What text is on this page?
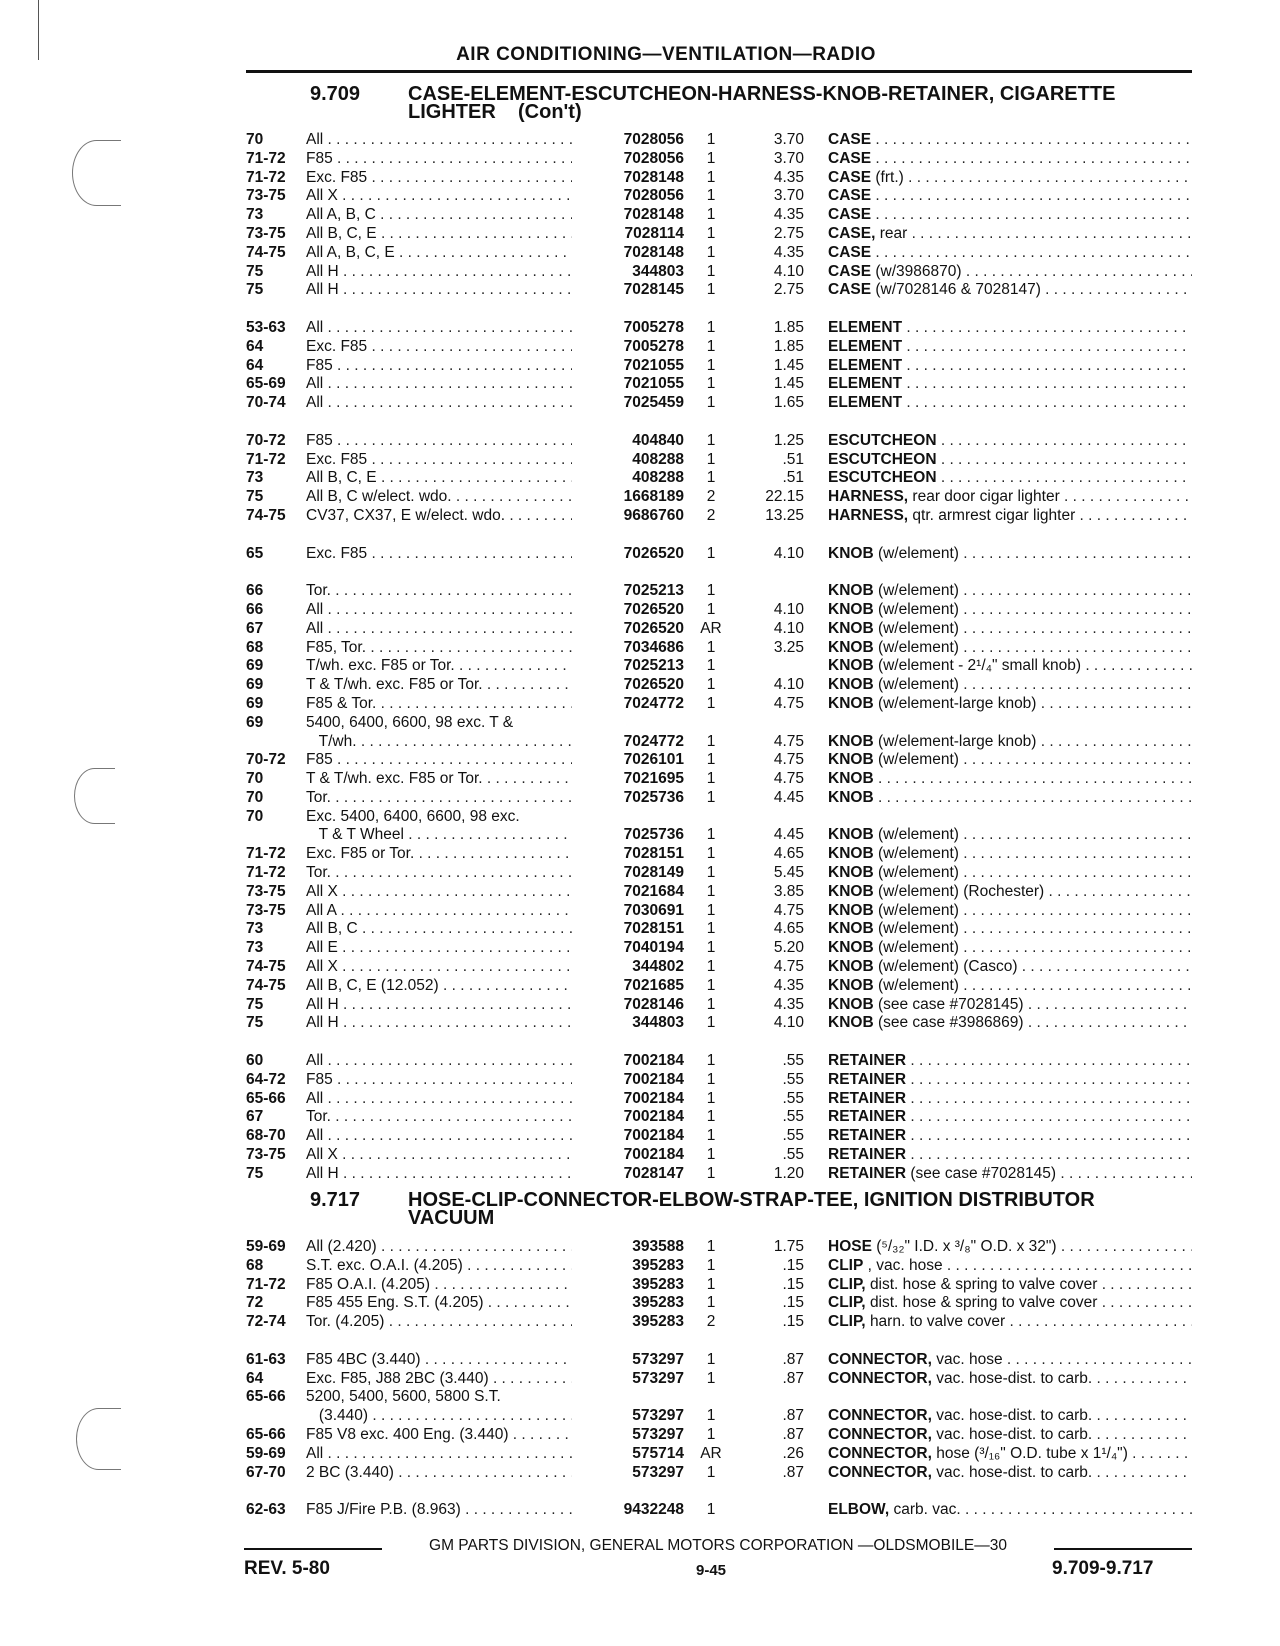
AIR CONDITIONING—VENTILATION—RADIO
9.709 CASE-ELEMENT-ESCUTCHEON-HARNESS-KNOB-RETAINER, CIGARETTE
LIGHTER    (Con't)
70	All . . .	7028056	1	3.70 CASE . . .
71-72	F85 . . .	7028056	1	3.70 CASE . . .
71-72	Exc. F85 . . .	7028148	1	4.35 CASE (frt.) . . .
73-75	All X . . .	7028056	1	3.70 CASE . . .
73	All A, B, C . . .	7028148	1	4.35 CASE . . .
73-75	All B, C, E . . .	7028114	1	2.75 CASE, rear . . .
74-75	All A, B, C, E . . .	7028148	1	4.35 CASE . . .
75	All H . . .	344803	1	4.10 CASE (w/3986870) . . .
75	All H . . .	7028145	1	2.75 CASE (w/7028146 & 7028147) . . .
53-63	All . . .	7005278	1	1.85 ELEMENT . . .
64	Exc. F85 . . .	7005278	1	1.85 ELEMENT . . .
64	F85 . . .	7021055	1	1.45 ELEMENT . . .
65-69	All . . .	7021055	1	1.45 ELEMENT . . .
70-74	All . . .	7025459	1	1.65 ELEMENT . . .
70-72	F85 . . .	404840	1	1.25 ESCUTCHEON . . .
71-72	Exc. F85 . . .	408288	1	.51 ESCUTCHEON . . .
73	All B, C, E . . .	408288	1	.51 ESCUTCHEON . . .
75	All B, C w/elect. wdo. . . .	1668189	2	22.15 HARNESS, rear door cigar lighter . . .
74-75	CV37, CX37, E w/elect. wdo. . . .	9686760	2	13.25 HARNESS, qtr. armrest cigar lighter . . .
65	Exc. F85 . . .	7026520	1	4.10 KNOB (w/element) . . .
66	Tor. . . .	7025213	1	KNOB (w/element) . . .
66	All . . .	7026520	1	4.10 KNOB (w/element) . . .
67	All . . .	7026520	AR	4.10 KNOB (w/element) . . .
68	F85, Tor. . . .	7034686	1	3.25 KNOB (w/element) . . .
69	T/wh. exc. F85 or Tor. . . .	7025213	1	KNOB (w/element - 2¹/₄" small knob) . . .
69	T & T/wh. exc. F85 or Tor. . . .	7026520	1	4.10 KNOB (w/element) . . .
69	F85 & Tor. . . .	7024772	1	4.75 KNOB (w/element-large knob) . . .
69	5400, 6400, 6600, 98 exc. T &
T/wh. . . .	7024772	1	4.75 KNOB (w/element-large knob) . . .
70-72	F85 . . .	7026101	1	4.75 KNOB (w/element) . . .
70	T & T/wh. exc. F85 or Tor. . . .	7021695	1	4.75 KNOB . . .
70	Tor. . . .	7025736	1	4.45 KNOB . . .
70	Exc. 5400, 6400, 6600, 98 exc.
T & T Wheel . . .	7025736	1	4.45 KNOB (w/element) . . .
71-72	Exc. F85 or Tor. . . .	7028151	1	4.65 KNOB (w/element) . . .
71-72	Tor. . . .	7028149	1	5.45 KNOB (w/element) . . .
73-75	All X . . .	7021684	1	3.85 KNOB (w/element) (Rochester) . . .
73-75	All A . . .	7030691	1	4.75 KNOB (w/element) . . .
73	All B, C . . .	7028151	1	4.65 KNOB (w/element) . . .
73	All E . . .	7040194	1	5.20 KNOB (w/element) . . .
74-75	All X . . .	344802	1	4.75 KNOB (w/element) (Casco) . . .
74-75	All B, C, E (12.052) . . .	7021685	1	4.35 KNOB (w/element) . . .
75	All H . . .	7028146	1	4.35 KNOB (see case #7028145) . . .
75	All H . . .	344803	1	4.10 KNOB (see case #3986869) . . .
60	All . . .	7002184	1	.55 RETAINER . . .
64-72	F85 . . .	7002184	1	.55 RETAINER . . .
65-66	All . . .	7002184	1	.55 RETAINER . . .
67	Tor. . . .	7002184	1	.55 RETAINER . . .
68-70	All . . .	7002184	1	.55 RETAINER . . .
73-75	All X . . .	7002184	1	.55 RETAINER . . .
75	All H . . .	7028147	1	1.20 RETAINER (see case #7028145) . . .
9.717 HOSE-CLIP-CONNECTOR-ELBOW-STRAP-TEE, IGNITION DISTRIBUTOR
VACUUM
59-69	All (2.420) . . .	393588	1	1.75 HOSE (⁵/₃₂" I.D. x ³/₈" O.D. x 32") . . .
68	S.T. exc. O.A.I. (4.205) . . .	395283	1	.15 CLIP , vac. hose . . .
71-72	F85 O.A.I. (4.205) . . .	395283	1	.15 CLIP, dist. hose & spring to valve cover . . .
72	F85 455 Eng. S.T. (4.205) . . .	395283	1	.15 CLIP, dist. hose & spring to valve cover . . .
72-74	Tor. (4.205) . . .	395283	2	.15 CLIP, harn. to valve cover . . .
61-63	F85 4BC (3.440) . . .	573297	1	.87 CONNECTOR, vac. hose . . .
64	Exc. F85, J88 2BC (3.440) . . .	573297	1	.87 CONNECTOR, vac. hose-dist. to carb. . . .
65-66	5200, 5400, 5600, 5800 S.T.
(3.440) . . .	573297	1	.87 CONNECTOR, vac. hose-dist. to carb. . . .
65-66	F85 V8 exc. 400 Eng. (3.440) . . .	573297	1	.87 CONNECTOR, vac. hose-dist. to carb. . . .
59-69	All . . .	575714	AR	.26 CONNECTOR, hose (³/₁₆" O.D. tube x 1¹/₄") . . .
67-70	2 BC (3.440) . . .	573297	1	.87 CONNECTOR, vac. hose-dist. to carb. . . .
62-63	F85 J/Fire P.B. (8.963) . . .	9432248	1	ELBOW, carb. vac. . . .
GM PARTS DIVISION, GENERAL MOTORS CORPORATION —OLDSMOBILE—30
REV. 5-80	9-45	9.709-9.717
